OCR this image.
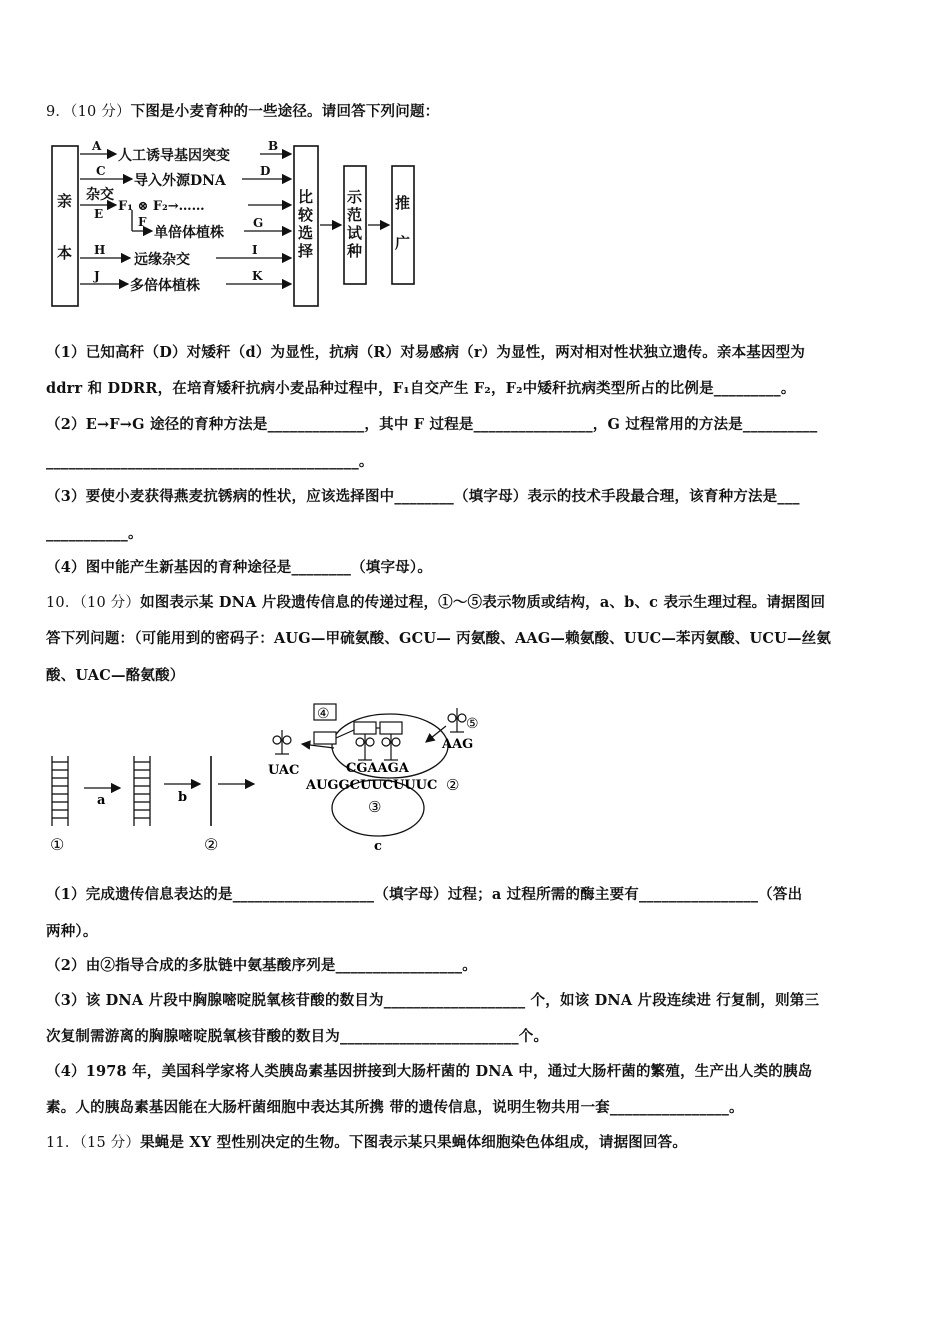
9．（10 分）下图是小麦育种的一些途径。请回答下列问题：
亲
本
比
较
选
择
示
范
试
种
推
广
A
人工诱导基因突变
B
C
导入外源DNA
D
杂交
E F₁ ⊗ F₂→……
F
单倍体植株
G
H
远缘杂交
I
J
多倍体植株
K
（1）已知高秆（D）对矮秆（d）为显性，抗病（R）对易感病（r）为显性，两对相对性状独立遗传。亲本基因型为
ddrr 和 DDRR，在培育矮秆抗病小麦品种过程中，F₁自交产生 F₂，F₂中矮秆抗病类型所占的比例是_________。
（2）E→F→G 途径的育种方法是_____________，其中 F 过程是________________，G 过程常用的方法是__________
__________________________________________。
（3）要使小麦获得燕麦抗锈病的性状，应该选择图中________（填字母）表示的技术手段最合理，该育种方法是___
___________。
（4）图中能产生新基因的育种途径是________（填字母）。
10．（10 分）如图表示某 DNA 片段遗传信息的传递过程，①～⑤表示物质或结构，a、b、c 表示生理过程。请据图回
答下列问题：（可能用到的密码子：AUG—甲硫氨酸、GCU— 丙氨酸、AAG—赖氨酸、UUC—苯丙氨酸、UCU—丝氨
酸、UAC—酪氨酸）
a	b
①	②
④
UAC
⑤
AAG
CGAAGA
AUGGCUUCUUUC ②
③
c
（1）完成遗传信息表达的是___________________（填字母）过程；a 过程所需的酶主要有________________（答出
两种）。
（2）由②指导合成的多肽链中氨基酸序列是_________________。
（3）该 DNA 片段中胸腺嘧啶脱氧核苷酸的数目为___________________ 个，如该 DNA 片段连续进 行复制，则第三
次复制需游离的胸腺嘧啶脱氧核苷酸的数目为________________________个。
（4）1978 年，美国科学家将人类胰岛素基因拼接到大肠杆菌的 DNA 中，通过大肠杆菌的繁殖，生产出人类的胰岛
素。人的胰岛素基因能在大肠杆菌细胞中表达其所携 带的遗传信息，说明生物共用一套________________。
11．（15 分）果蝇是 XY 型性别决定的生物。下图表示某只果蝇体细胞染色体组成，请据图回答。
